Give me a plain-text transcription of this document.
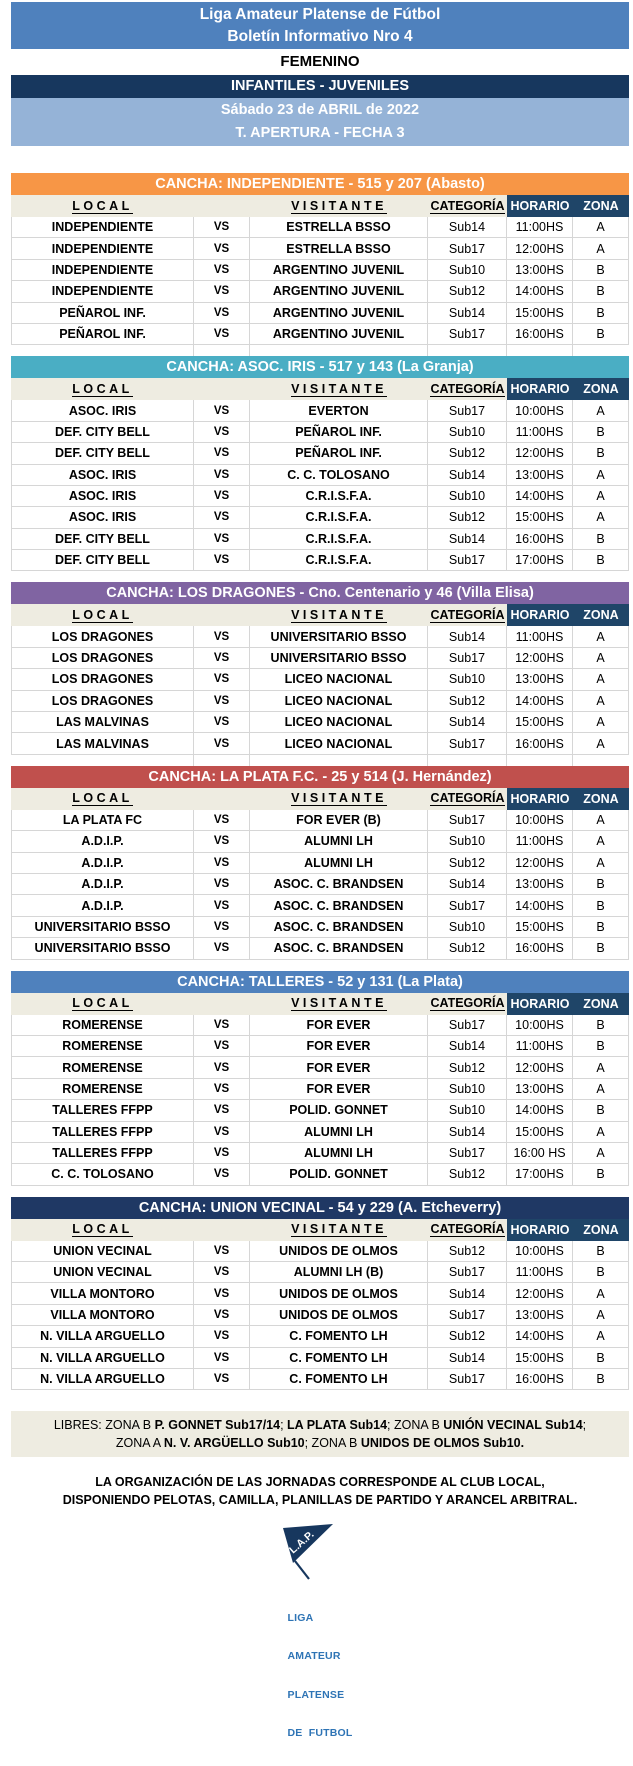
Liga Amateur Platense de Fútbol
Boletín Informativo Nro 4
FEMENINO
INFANTILES - JUVENILES
Sábado 23 de ABRIL de 2022
T. APERTURA - FECHA 3
CANCHA: INDEPENDIENTE - 515 y 207 (Abasto)
LOCAL	VISITANTE	CATEGORÍA HORARIO	ZONA
INDEPENDIENTE	VS	ESTRELLA BSSO	Sub14	11:00HS	A
INDEPENDIENTE	VS	ESTRELLA BSSO	Sub17	12:00HS	A
INDEPENDIENTE	VS	ARGENTINO JUVENIL	Sub10	13:00HS	B
INDEPENDIENTE	VS	ARGENTINO JUVENIL	Sub12	14:00HS	B
PEÑAROL INF.	VS	ARGENTINO JUVENIL	Sub14	15:00HS	B
PEÑAROL INF.	VS	ARGENTINO JUVENIL	Sub17	16:00HS	B
CANCHA: ASOC. IRIS - 517 y 143 (La Granja)
LOCAL	VISITANTE	CATEGORÍA HORARIO	ZONA
ASOC. IRIS	VS	EVERTON	Sub17	10:00HS	A
DEF. CITY BELL	VS	PEÑAROL INF.	Sub10	11:00HS	B
DEF. CITY BELL	VS	PEÑAROL INF.	Sub12	12:00HS	B
ASOC. IRIS	VS	C. C. TOLOSANO	Sub14	13:00HS	A
ASOC. IRIS	VS	C.R.I.S.F.A.	Sub10	14:00HS	A
ASOC. IRIS	VS	C.R.I.S.F.A.	Sub12	15:00HS	A
DEF. CITY BELL	VS	C.R.I.S.F.A.	Sub14	16:00HS	B
DEF. CITY BELL	VS	C.R.I.S.F.A.	Sub17	17:00HS	B
CANCHA: LOS DRAGONES - Cno. Centenario y 46 (Villa Elisa)
LOCAL	VISITANTE	CATEGORÍA HORARIO	ZONA
LOS DRAGONES	VS	UNIVERSITARIO BSSO	Sub14	11:00HS	A
LOS DRAGONES	VS	UNIVERSITARIO BSSO	Sub17	12:00HS	A
LOS DRAGONES	VS	LICEO NACIONAL	Sub10	13:00HS	A
LOS DRAGONES	VS	LICEO NACIONAL	Sub12	14:00HS	A
LAS MALVINAS	VS	LICEO NACIONAL	Sub14	15:00HS	A
LAS MALVINAS	VS	LICEO NACIONAL	Sub17	16:00HS	A
CANCHA: LA PLATA F.C. - 25 y 514 (J. Hernández)
LOCAL	VISITANTE	CATEGORÍA HORARIO	ZONA
LA PLATA FC	VS	FOR EVER (B)	Sub17	10:00HS	A
A.D.I.P.	VS	ALUMNI LH	Sub10	11:00HS	A
A.D.I.P.	VS	ALUMNI LH	Sub12	12:00HS	A
A.D.I.P.	VS	ASOC. C. BRANDSEN	Sub14	13:00HS	B
A.D.I.P.	VS	ASOC. C. BRANDSEN	Sub17	14:00HS	B
UNIVERSITARIO BSSO	VS	ASOC. C. BRANDSEN	Sub10	15:00HS	B
UNIVERSITARIO BSSO	VS	ASOC. C. BRANDSEN	Sub12	16:00HS	B
CANCHA: TALLERES - 52 y 131 (La Plata)
LOCAL	VISITANTE	CATEGORÍA HORARIO	ZONA
ROMERENSE	VS	FOR EVER	Sub17	10:00HS	B
ROMERENSE	VS	FOR EVER	Sub14	11:00HS	B
ROMERENSE	VS	FOR EVER	Sub12	12:00HS	A
ROMERENSE	VS	FOR EVER	Sub10	13:00HS	A
TALLERES FFPP	VS	POLID. GONNET	Sub10	14:00HS	B
TALLERES FFPP	VS	ALUMNI LH	Sub14	15:00HS	A
TALLERES FFPP	VS	ALUMNI LH	Sub17	16:00 HS	A
C. C. TOLOSANO	VS	POLID. GONNET	Sub12	17:00HS	B
CANCHA: UNION VECINAL - 54 y 229 (A. Etcheverry)
LOCAL	VISITANTE	CATEGORÍA HORARIO	ZONA
UNION VECINAL	VS	UNIDOS DE OLMOS	Sub12	10:00HS	B
UNION VECINAL	VS	ALUMNI LH (B)	Sub17	11:00HS	B
VILLA MONTORO	VS	UNIDOS DE OLMOS	Sub14	12:00HS	A
VILLA MONTORO	VS	UNIDOS DE OLMOS	Sub17	13:00HS	A
N. VILLA ARGUELLO	VS	C. FOMENTO LH	Sub12	14:00HS	A
N. VILLA ARGUELLO	VS	C. FOMENTO LH	Sub14	15:00HS	B
N. VILLA ARGUELLO	VS	C. FOMENTO LH	Sub17	16:00HS	B
LIBRES: ZONA B P. GONNET Sub17/14; LA PLATA Sub14; ZONA B UNIÓN VECINAL Sub14;
ZONA A N. V. ARGÜELLO Sub10; ZONA B UNIDOS DE OLMOS Sub10.
LA ORGANIZACIÓN DE LAS JORNADAS CORRESPONDE AL CLUB LOCAL,
DISPONIENDO PELOTAS, CAMILLA, PLANILLAS DE PARTIDO Y ARANCEL ARBITRAL.
L.A.P.

LIGA

AMATEUR

PLATENSE

DE  FUTBOL
